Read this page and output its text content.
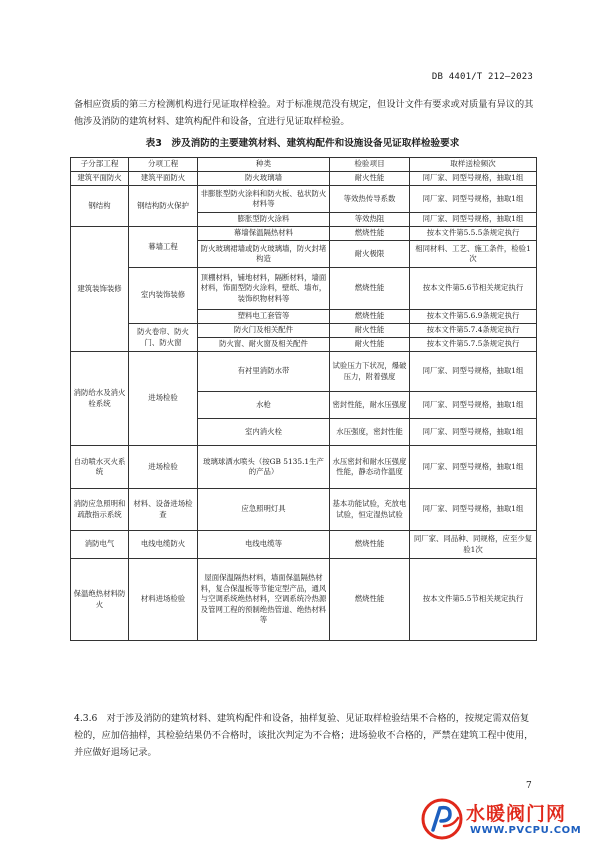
DB 4401/T 212—2023

备相应资质的第三方检测机构进行见证取样检验。对于标准规范没有规定，但设计文件有要求或对质量有异议的其他涉及消防的建筑材料、建筑构配件和设备，宜进行见证取样检验。

表3　涉及消防的主要建筑材料、建筑构配件和设施设备见证取样检验要求
子分部工程	分项工程	种类	检验项目	取样送检频次
建筑平面防火	建筑平面防火	防火玻璃墙	耐火性能	同厂家、同型号规格，抽取1组
钢结构	钢结构防火保护	非膨胀型防火涂料和防火板、毡状防火材料等	等效热传导系数	同厂家、同型号规格，抽取1组
		膨胀型防火涂料	等效热阻	同厂家、同型号规格，抽取1组
建筑装饰装修	幕墙工程	幕墙保温隔热材料	燃烧性能	按本文件第5.5.5条规定执行
		防火玻璃裙墙或防火玻璃墙，防火封堵构造	耐火极限	相同材料、工艺、施工条件，检验1次
	室内装饰装修	顶棚材料，铺地材料，隔断材料，墙面材料，饰面型防火涂料，壁纸、墙布，装饰织物材料等	燃烧性能	按本文件第5.6节相关规定执行
		塑料电工套管等	燃烧性能	按本文件第5.6.9条规定执行
	防火卷帘、防火门、防火窗	防火门及相关配件	耐火性能	按本文件第5.7.4条规定执行
		防火窗、耐火窗及相关配件	耐火性能	按本文件第5.7.5条规定执行
消防给水及消火栓系统	进场检验	有衬里消防水带	试验压力下状况，爆破压力，附着强度	同厂家、同型号规格，抽取1组
		水枪	密封性能，耐水压强度	同厂家、同型号规格，抽取1组
		室内消火栓	水压强度，密封性能	同厂家、同型号规格，抽取1组
自动喷水灭火系统	进场检验	玻璃球洒水喷头（按GB 5135.1生产的产品）	水压密封和耐水压强度性能，静态动作温度	同厂家、同型号规格，抽取1组
消防应急照明和疏散指示系统	材料、设备进场检查	应急照明灯具	基本功能试验，充放电试验，恒定湿热试验	同厂家、同型号规格，抽取1组
消防电气	电线电缆防火	电线电缆等	燃烧性能	同厂家、同品种、同规格，应至少复验1次
保温绝热材料防火	材料进场检验	屋面保温隔热材料，墙面保温隔热材料，复合保温板等节能定型产品，通风与空调系统绝热材料，空调系统冷热源及管网工程的预制绝热管道、绝热材料等	燃烧性能	按本文件第5.5节相关规定执行

4.3.6　对于涉及消防的建筑材料、建筑构配件和设备，抽样复验、见证取样检验结果不合格的，按规定需双倍复检的，应加倍抽样，其检验结果仍不合格时，该批次判定为不合格；进场验收不合格的，严禁在建筑工程中使用，并应做好退场记录。

7
水暖阀门网
WWW.PVCPU.COM
